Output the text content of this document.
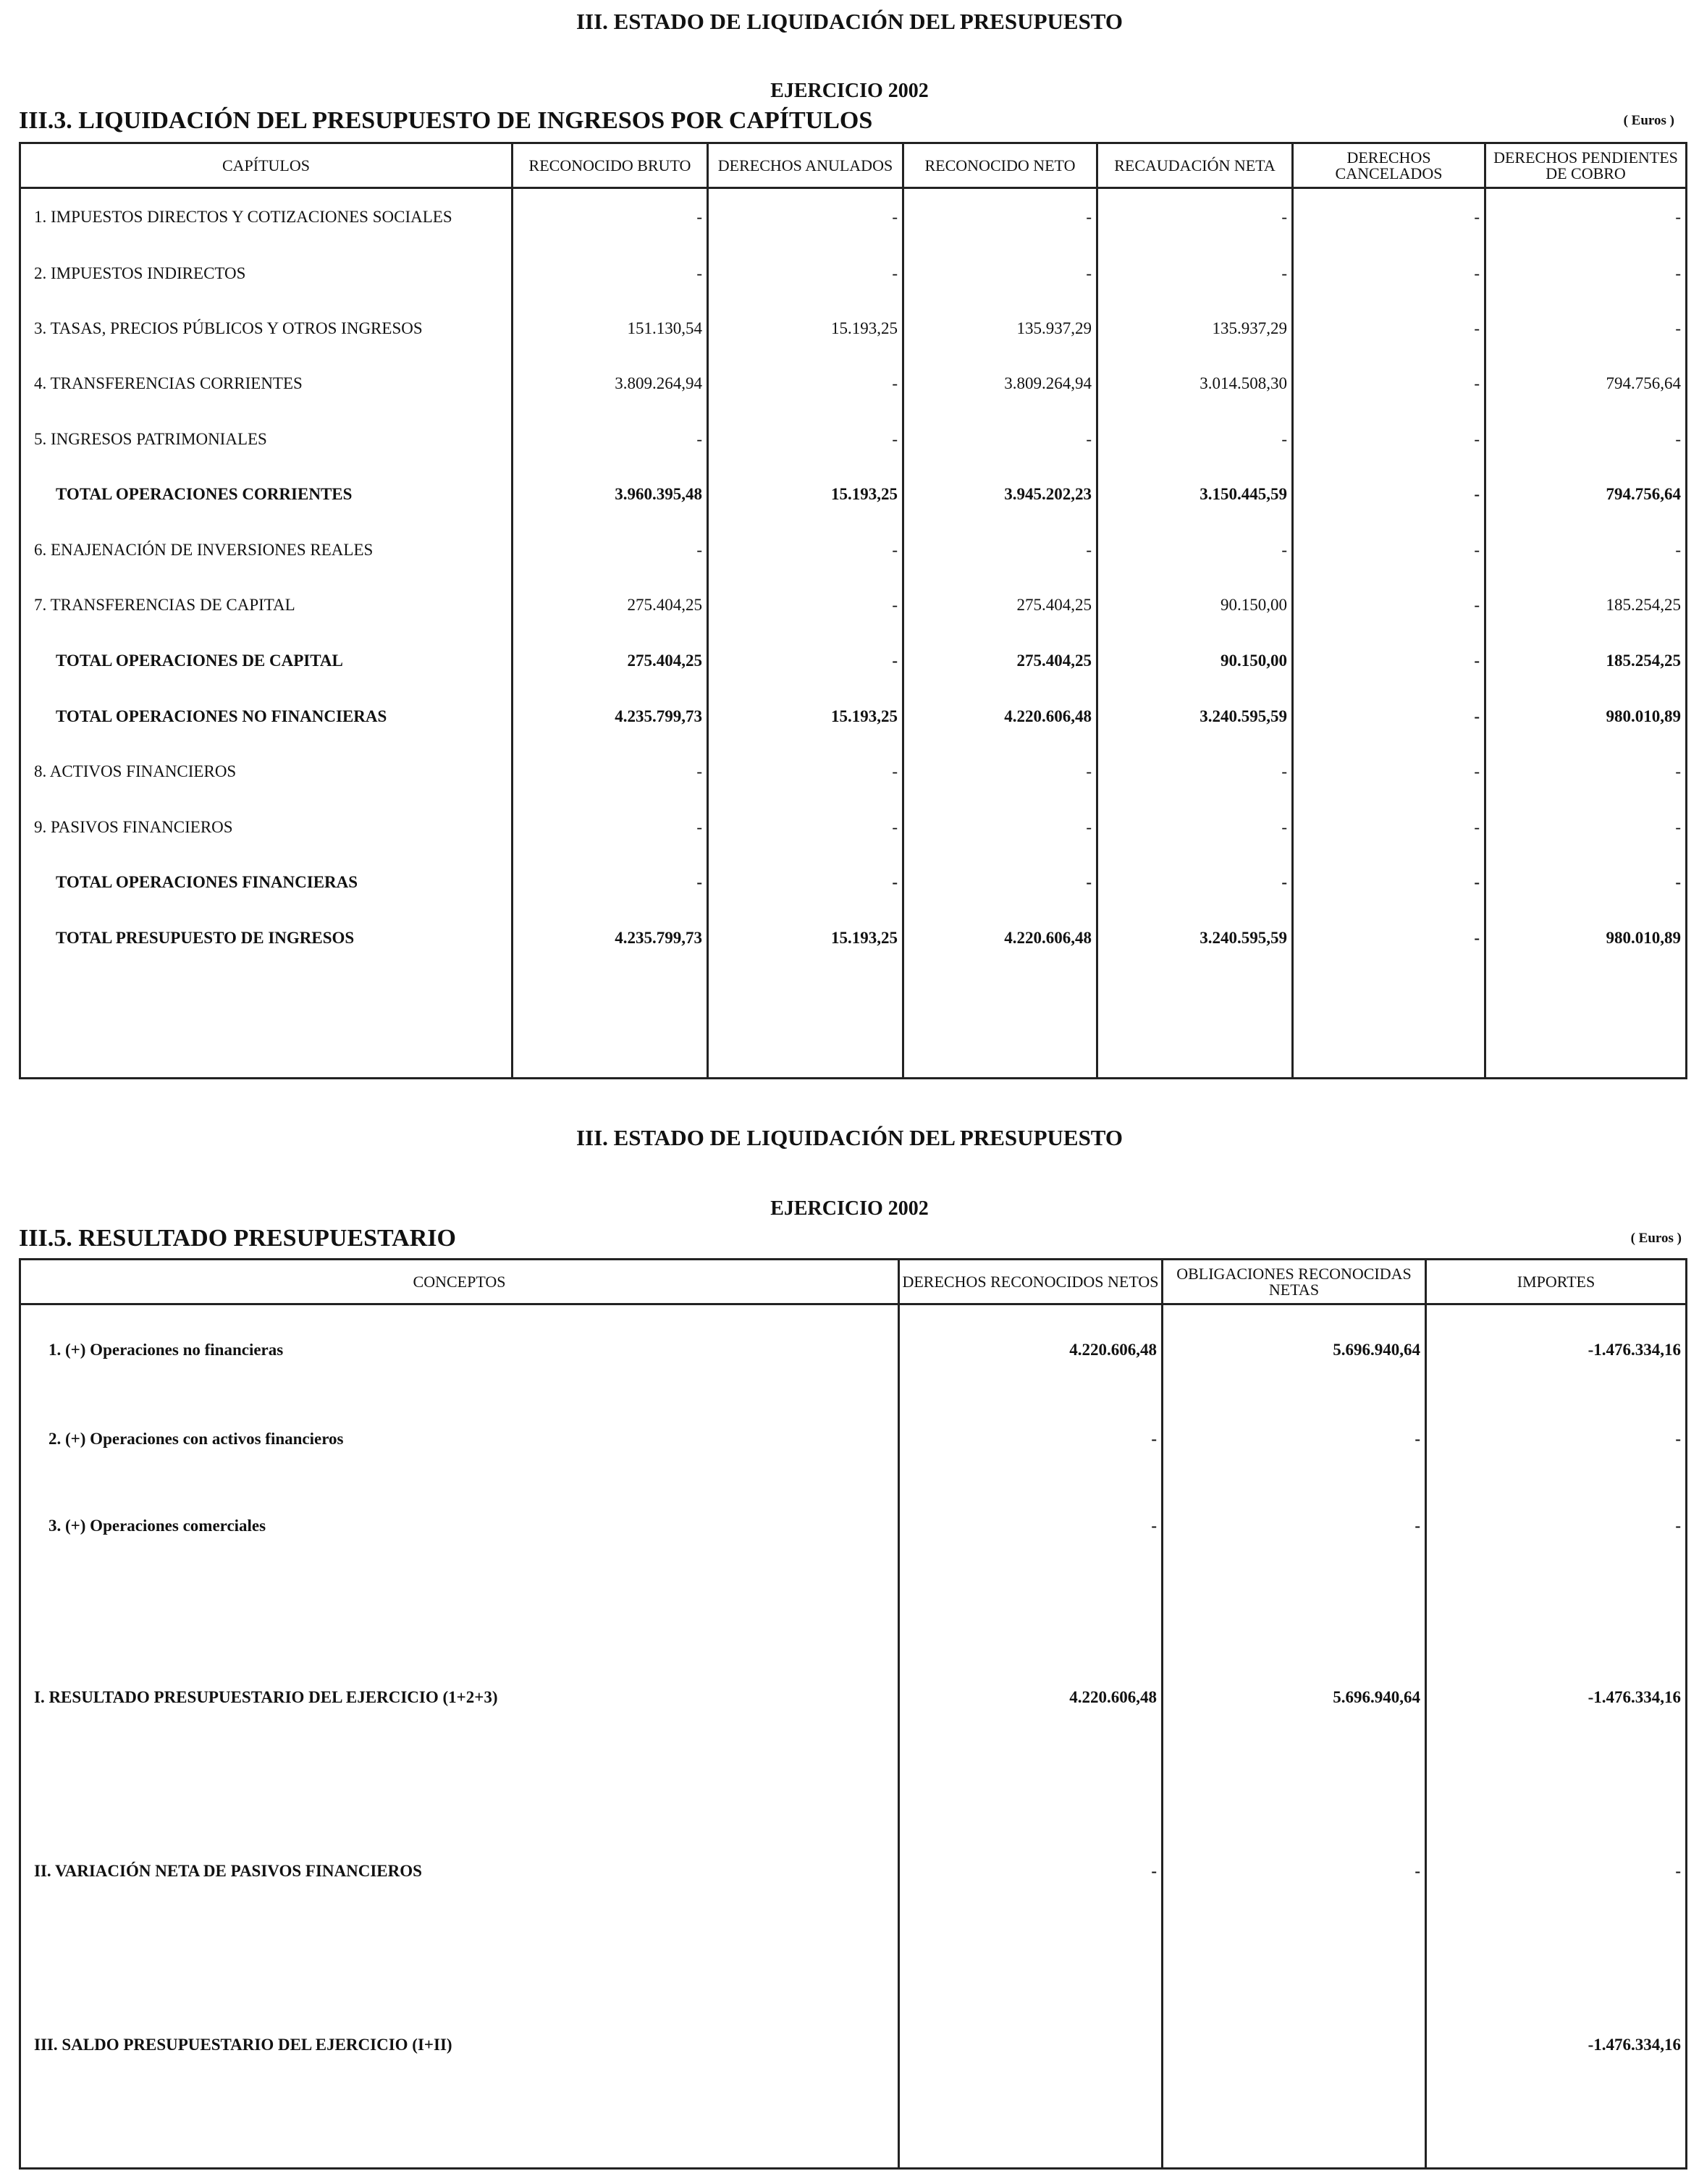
III. ESTADO DE LIQUIDACIÓN DEL PRESUPUESTO
EJERCICIO 2002
III.3. LIQUIDACIÓN DEL PRESUPUESTO DE INGRESOS POR CAPÍTULOS	( Euros )
CAPÍTULOS	RECONOCIDO BRUTO	DERECHOS ANULADOS	RECONOCIDO NETO	RECAUDACIÓN NETA	DERECHOS CANCELADOS	DERECHOS PENDIENTES DE COBRO
1. IMPUESTOS DIRECTOS Y COTIZACIONES SOCIALES	-	-	-	-	-	-
2. IMPUESTOS INDIRECTOS	-	-	-	-	-	-
3. TASAS, PRECIOS PÚBLICOS Y OTROS INGRESOS	151.130,54	15.193,25	135.937,29	135.937,29	-	-
4. TRANSFERENCIAS CORRIENTES	3.809.264,94	-	3.809.264,94	3.014.508,30	-	794.756,64
5. INGRESOS PATRIMONIALES	-	-	-	-	-	-
TOTAL OPERACIONES CORRIENTES	3.960.395,48	15.193,25	3.945.202,23	3.150.445,59	-	794.756,64
6. ENAJENACIÓN DE INVERSIONES REALES	-	-	-	-	-	-
7. TRANSFERENCIAS DE CAPITAL	275.404,25	-	275.404,25	90.150,00	-	185.254,25
TOTAL OPERACIONES DE CAPITAL	275.404,25	-	275.404,25	90.150,00	-	185.254,25
TOTAL OPERACIONES NO FINANCIERAS	4.235.799,73	15.193,25	4.220.606,48	3.240.595,59	-	980.010,89
8. ACTIVOS FINANCIEROS	-	-	-	-	-	-
9. PASIVOS FINANCIEROS	-	-	-	-	-	-
TOTAL OPERACIONES FINANCIERAS	-	-	-	-	-	-
TOTAL PRESUPUESTO DE INGRESOS	4.235.799,73	15.193,25	4.220.606,48	3.240.595,59	-	980.010,89

III. ESTADO DE LIQUIDACIÓN DEL PRESUPUESTO
EJERCICIO 2002
III.5. RESULTADO PRESUPUESTARIO	( Euros )
CONCEPTOS	DERECHOS RECONOCIDOS NETOS	OBLIGACIONES RECONOCIDAS NETAS	IMPORTES
1. (+) Operaciones no financieras	4.220.606,48	5.696.940,64	-1.476.334,16
2. (+) Operaciones con activos financieros	-	-	-
3. (+) Operaciones comerciales	-	-	-
I. RESULTADO PRESUPUESTARIO DEL EJERCICIO (1+2+3)	4.220.606,48	5.696.940,64	-1.476.334,16
II. VARIACIÓN NETA DE PASIVOS FINANCIEROS	-	-	-
III. SALDO PRESUPUESTARIO DEL EJERCICIO (I+II)			-1.476.334,16
